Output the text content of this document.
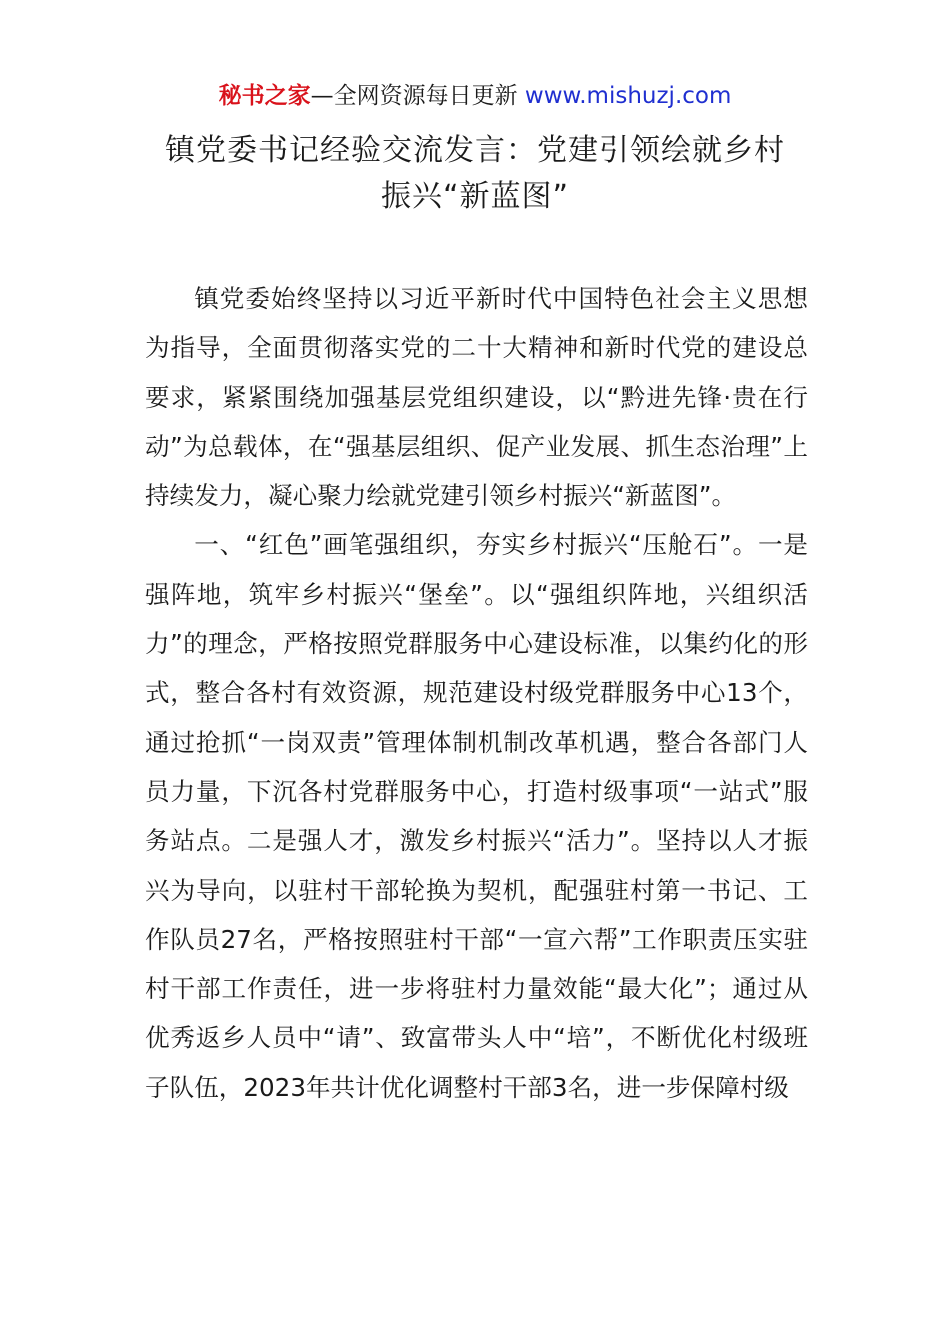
秘书之家—全网资源每日更新 www.mishuzj.com
镇党委书记经验交流发言：党建引领绘就乡村
振兴“新蓝图”

镇党委始终坚持以习近平新时代中国特色社会主义思想为指导，全面贯彻落实党的二十大精神和新时代党的建设总要求，紧紧围绕加强基层党组织建设，以“黔进先锋·贵在行动”为总载体，在“强基层组织、促产业发展、抓生态治理”上持续发力，凝心聚力绘就党建引领乡村振兴“新蓝图”。

一、“红色”画笔强组织，夯实乡村振兴“压舱石”。一是强阵地，筑牢乡村振兴“堡垒”。以“强组织阵地，兴组织活力”的理念，严格按照党群服务中心建设标准，以集约化的形式，整合各村有效资源，规范建设村级党群服务中心13个，通过抢抓“一岗双责”管理体制机制改革机遇，整合各部门人员力量，下沉各村党群服务中心，打造村级事项“一站式”服务站点。二是强人才，激发乡村振兴“活力”。坚持以人才振兴为导向，以驻村干部轮换为契机，配强驻村第一书记、工作队员27名，严格按照驻村干部“一宣六帮”工作职责压实驻村干部工作责任，进一步将驻村力量效能“最大化”；通过从优秀返乡人员中“请”、致富带头人中“培”，不断优化村级班子队伍，2023年共计优化调整村干部3名，进一步保障村级
